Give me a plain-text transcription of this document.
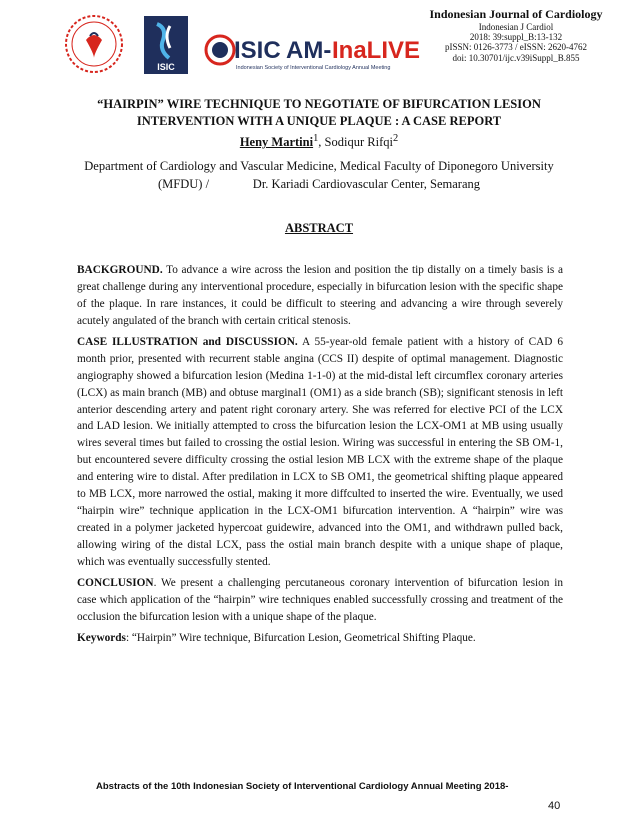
ISIC
ISIC AM- InaLIVE
Indonesian Society of Interventional Cardiology Annual Meeting
Indonesian Journal of Cardiology
Indonesian J Cardiol
2018: 39:suppl_B:13-132
pISSN: 0126-3773 / eISSN: 2620-4762
doi: 10.30701/ijc.v39iSuppl_B.855
“HAIRPIN” WIRE TECHNIQUE TO NEGOTIATE OF BIFURCATION LESION INTERVENTION WITH A UNIQUE PLAQUE : A CASE REPORT
Heny Martini$^1$, Sodiqur Rifqi$^2$
Department of Cardiology and Vascular Medicine, Medical Faculty of Diponegoro University
(MFDU) /              Dr. Kariadi Cardiovascular Center, Semarang
ABSTRACT

BACKGROUND. To advance a wire across the lesion and position the tip distally on a timely basis is a great challenge during any interventional procedure, especially in bifurcation lesion with the specific shape of the plaque. In rare instances, it could be difficult to steering and advancing a wire through severely acutely angulated of the branch with certain critical stenosis.

CASE ILLUSTRATION and DISCUSSION. A 55-year-old female patient with a history of CAD 6 month prior, presented with recurrent stable angina (CCS II) despite of optimal management. Diagnostic angiography showed a bifurcation lesion (Medina 1-1-0) at the mid-distal left circumflex coronary arteries (LCX) as main branch (MB) and obtuse marginal1 (OM1) as a side branch (SB); significant stenosis in left anterior descending artery and patent right coronary artery. She was referred for elective PCI of the LCX and LAD lesion. We initially attempted to cross the bifurcation lesion the LCX-OM1 at MB using usually wires several times but failed to crossing the ostial lesion. Wiring was successful in entering the SB OM-1, but encountered severe difficulty crossing the ostial lesion MB LCX with the extreme shape of the plaque and entering wire to distal. After predilation in LCX to SB OM1, the geometrical shifting plaque appeared to MB LCX, more narrowed the ostial, making it more diffculted to inserted the wire. Eventually, we used “hairpin wire” technique application in the LCX-OM1 bifurcation intervention. A “hairpin” wire was created in a polymer jacketed hypercoat guidewire, advanced into the OM1, and withdrawn pulled back, allowing wiring of the distal LCX, pass the ostial main branch despite with a unique shape of plaque, which was eventually successfully stented.

CONCLUSION. We present a challenging percutaneous coronary intervention of bifurcation lesion in case which application of the “hairpin” wire techniques enabled successfully crossing and treatment of the occlusion the bifurcation lesion with a unique shape of the plaque.

Keywords: “Hairpin” Wire technique, Bifurcation Lesion, Geometrical Shifting Plaque.

Abstracts of the 10th Indonesian Society of Interventional Cardiology Annual Meeting 2018-
40
